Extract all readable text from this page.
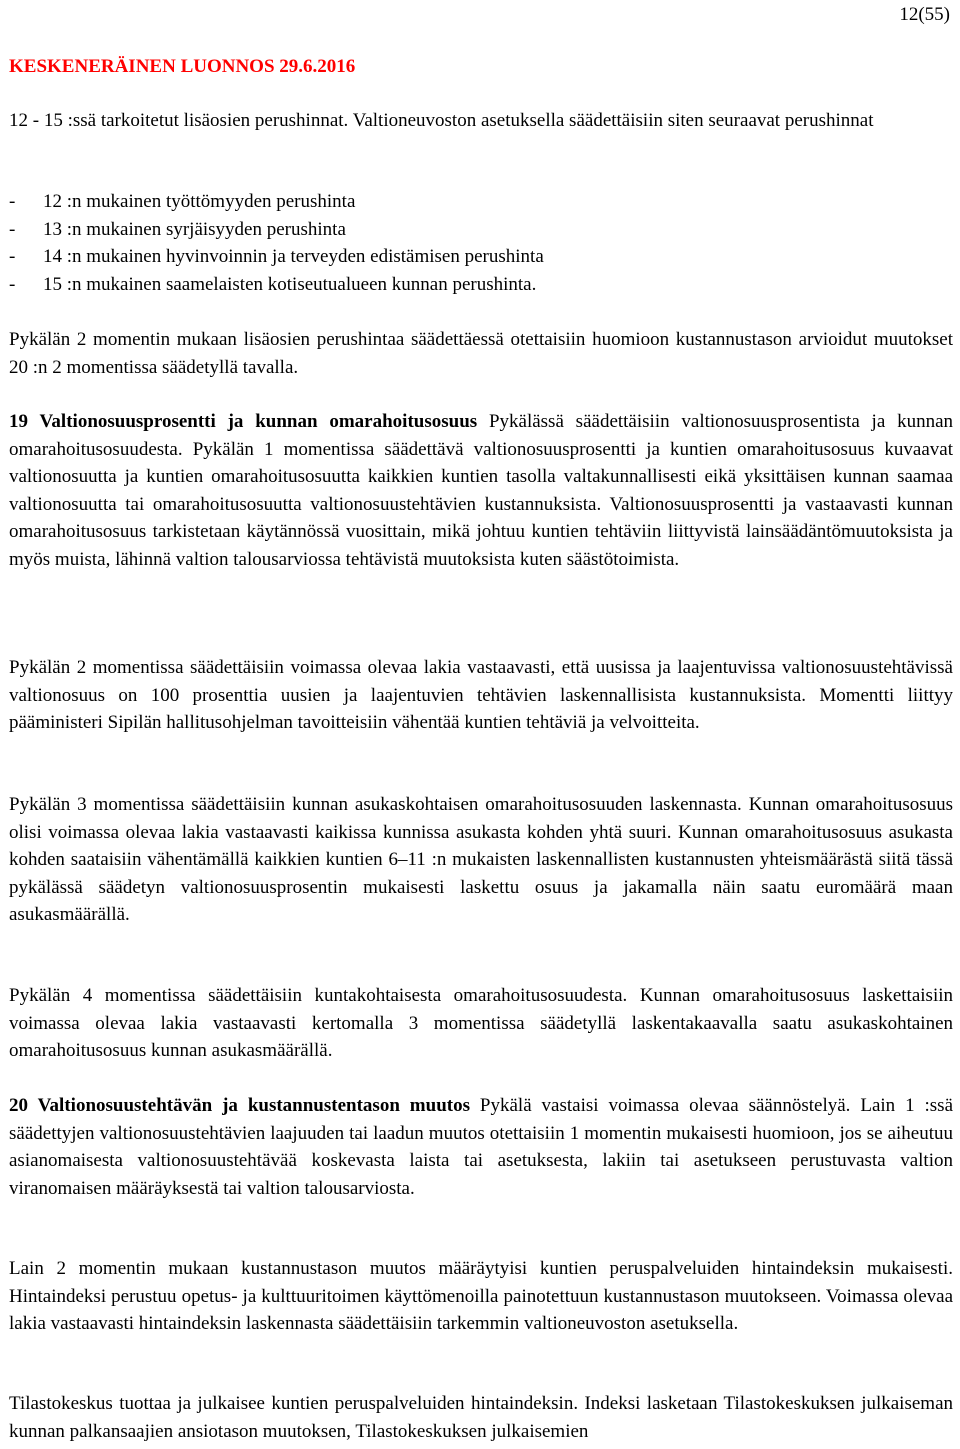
12(55)
KESKENERÄINEN LUONNOS 29.6.2016

12 - 15 :ssä tarkoitetut lisäosien perushinnat. Valtioneuvoston asetuksella säädettäisiin siten seuraavat perushinnat

-	12 :n mukainen työttömyyden perushinta
-	13 :n mukainen syrjäisyyden perushinta
-	14 :n mukainen hyvinvoinnin ja terveyden edistämisen perushinta
-	15 :n mukainen saamelaisten kotiseutualueen kunnan perushinta.

Pykälän 2 momentin mukaan lisäosien perushintaa säädettäessä otettaisiin huomioon kustannustason arvioidut muutokset 20 :n 2 momentissa säädetyllä tavalla.

19 Valtionosuusprosentti ja kunnan omarahoitusosuus Pykälässä säädettäisiin valtionosuusprosentista ja kunnan omarahoitusosuudesta. Pykälän 1 momentissa säädettävä valtionosuusprosentti ja kuntien omarahoitusosuus kuvaavat valtionosuutta ja kuntien omarahoitusosuutta kaikkien kuntien tasolla valtakunnallisesti eikä yksittäisen kunnan saamaa valtionosuutta tai omarahoitusosuutta valtionosuustehtävien kustannuksista. Valtionosuusprosentti ja vastaavasti kunnan omarahoitusosuus tarkistetaan käytännössä vuosittain, mikä johtuu kuntien tehtäviin liittyvistä lainsäädäntömuutoksista ja myös muista, lähinnä valtion talousarviossa tehtävistä muutoksista kuten säästötoimista.

Pykälän 2 momentissa säädettäisiin voimassa olevaa lakia vastaavasti, että uusissa ja laajentuvissa valtionosuustehtävissä valtionosuus on 100 prosenttia uusien ja laajentuvien tehtävien laskennallisista kustannuksista. Momentti liittyy pääministeri Sipilän hallitusohjelman tavoitteisiin vähentää kuntien tehtäviä ja velvoitteita.

Pykälän 3 momentissa säädettäisiin kunnan asukaskohtaisen omarahoitusosuuden laskennasta. Kunnan omarahoitusosuus olisi voimassa olevaa lakia vastaavasti kaikissa kunnissa asukasta kohden yhtä suuri. Kunnan omarahoitusosuus asukasta kohden saataisiin vähentämällä kaikkien kuntien 6–11 :n mukaisten laskennallisten kustannusten yhteismäärästä siitä tässä pykälässä säädetyn valtionosuusprosentin mukaisesti laskettu osuus ja jakamalla näin saatu euromäärä maan asukasmäärällä.

Pykälän 4 momentissa säädettäisiin kuntakohtaisesta omarahoitusosuudesta. Kunnan omarahoitusosuus laskettaisiin voimassa olevaa lakia vastaavasti kertomalla 3 momentissa säädetyllä laskentakaavalla saatu asukaskohtainen omarahoitusosuus kunnan asukasmäärällä.

20 Valtionosuustehtävän ja kustannustentason muutos Pykälä vastaisi voimassa olevaa säännöstelyä. Lain 1 :ssä säädettyjen valtionosuustehtävien laajuuden tai laadun muutos otettaisiin 1 momentin mukaisesti huomioon, jos se aiheutuu asianomaisesta valtionosuustehtävää koskevasta laista tai asetuksesta, lakiin tai asetukseen perustuvasta valtion viranomaisen määräyksestä tai valtion talousarviosta.

Lain 2 momentin mukaan kustannustason muutos määräytyisi kuntien peruspalveluiden hintaindeksin mukaisesti. Hintaindeksi perustuu opetus- ja kulttuuritoimen käyttömenoilla painotettuun kustannustason muutokseen. Voimassa olevaa lakia vastaavasti hintaindeksin laskennasta säädettäisiin tarkemmin valtioneuvoston asetuksella.

Tilastokeskus tuottaa ja julkaisee kuntien peruspalveluiden hintaindeksin. Indeksi lasketaan Tilastokeskuksen julkaiseman kunnan palkansaajien ansiotason muutoksen, Tilastokeskuksen julkaisemien
